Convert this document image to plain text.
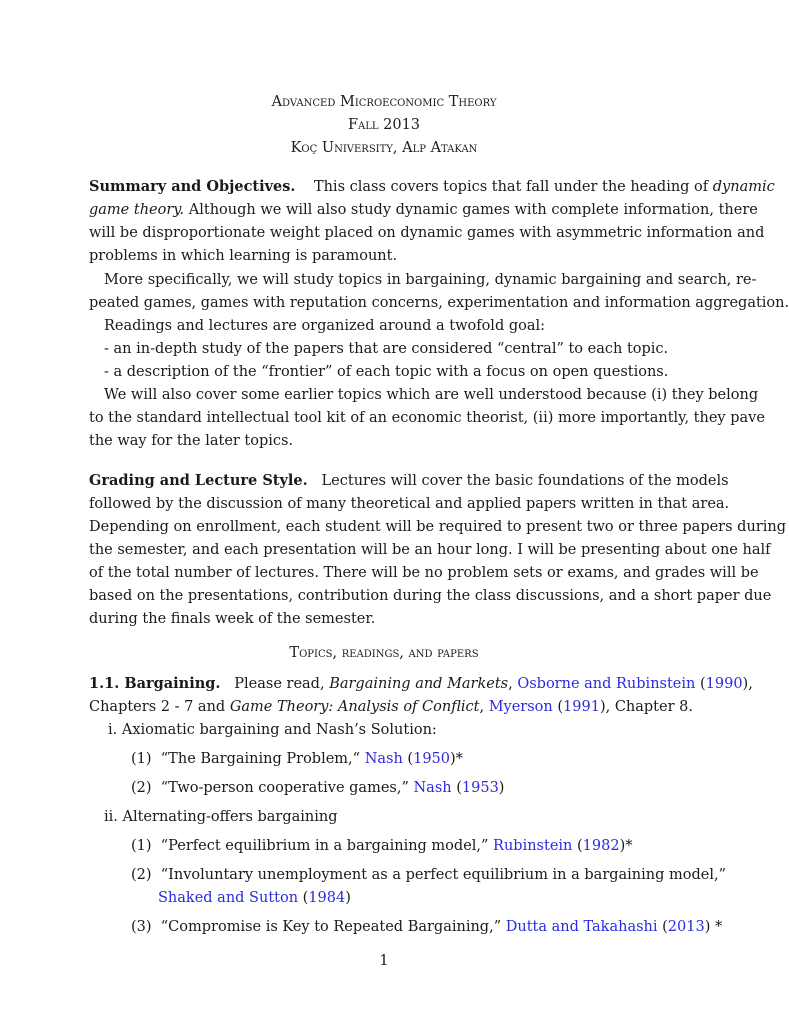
Advanced Microeconomic Theory
Fall 2013
Koç University, Alp Atakan
Summary and Objectives. This class covers topics that fall under the heading of dynamic
game theory. Although we will also study dynamic games with complete information, there
will be disproportionate weight placed on dynamic games with asymmetric information and
problems in which learning is paramount.
More specifically, we will study topics in bargaining, dynamic bargaining and search, re-
peated games, games with reputation concerns, experimentation and information aggregation.
Readings and lectures are organized around a twofold goal:
- an in-depth study of the papers that are considered “central” to each topic.
- a description of the “frontier” of each topic with a focus on open questions.
We will also cover some earlier topics which are well understood because (i) they belong
to the standard intellectual tool kit of an economic theorist, (ii) more importantly, they pave
the way for the later topics.
Grading and Lecture Style. Lectures will cover the basic foundations of the models
followed by the discussion of many theoretical and applied papers written in that area.
Depending on enrollment, each student will be required to present two or three papers during
the semester, and each presentation will be an hour long. I will be presenting about one half
of the total number of lectures. There will be no problem sets or exams, and grades will be
based on the presentations, contribution during the class discussions, and a short paper due
during the finals week of the semester.
Topics, readings, and papers
1.1. Bargaining. Please read, Bargaining and Markets, Osborne and Rubinstein (1990),
Chapters 2 - 7 and Game Theory: Analysis of Conflict, Myerson (1991), Chapter 8.
i. Axiomatic bargaining and Nash’s Solution:
(1) “The Bargaining Problem,“ Nash (1950)*
(2) “Two-person cooperative games,” Nash (1953)
ii. Alternating-offers bargaining
(1) “Perfect equilibrium in a bargaining model,” Rubinstein (1982)*
(2) “Involuntary unemployment as a perfect equilibrium in a bargaining model,”
Shaked and Sutton (1984)
(3) “Compromise is Key to Repeated Bargaining,” Dutta and Takahashi (2013) *
1
